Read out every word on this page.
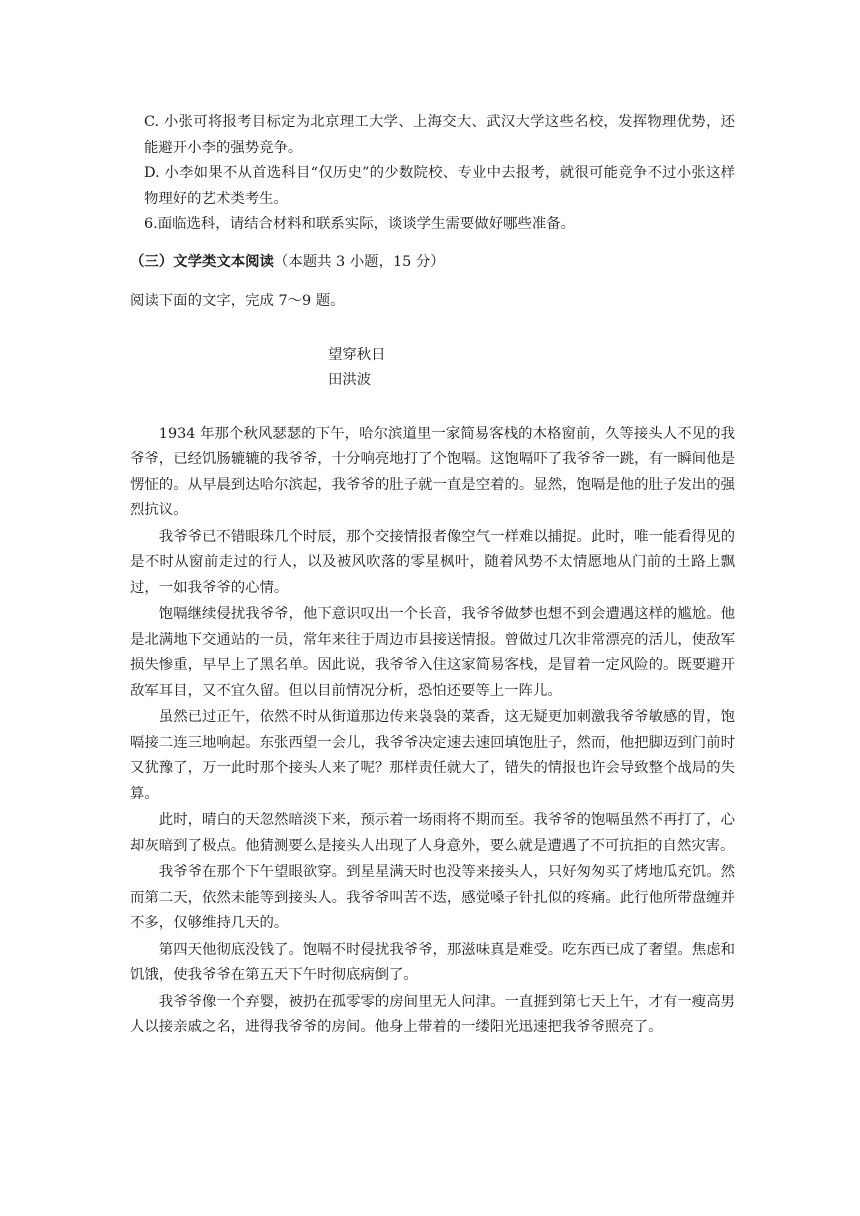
C. 小张可将报考目标定为北京理工大学、上海交大、武汉大学这些名校，发挥物理优势，还能避开小李的强势竞争。

D. 小李如果不从首选科目“仅历史”的少数院校、专业中去报考，就很可能竞争不过小张这样物理好的艺术类考生。

6.面临选科，请结合材料和联系实际，谈谈学生需要做好哪些准备。

（三）文学类文本阅读（本题共 3 小题，15 分）

阅读下面的文字，完成 7～9 题。

望穿秋日
田洪波

1934 年那个秋风瑟瑟的下午，哈尔滨道里一家简易客栈的木格窗前，久等接头人不见的我爷爷，已经饥肠辘辘的我爷爷，十分响亮地打了个饱嗝。这饱嗝吓了我爷爷一跳，有一瞬间他是愣怔的。从早晨到达哈尔滨起，我爷爷的肚子就一直是空着的。显然，饱嗝是他的肚子发出的强烈抗议。

我爷爷已不错眼珠几个时辰，那个交接情报者像空气一样难以捕捉。此时，唯一能看得见的是不时从窗前走过的行人，以及被风吹落的零星枫叶，随着风势不太情愿地从门前的土路上飘过，一如我爷爷的心情。

饱嗝继续侵扰我爷爷，他下意识叹出一个长音，我爷爷做梦也想不到会遭遇这样的尴尬。他是北满地下交通站的一员，常年来往于周边市县接送情报。曾做过几次非常漂亮的活儿，使敌军损失惨重，早早上了黑名单。因此说，我爷爷入住这家简易客栈，是冒着一定风险的。既要避开敌军耳目，又不宜久留。但以目前情况分析，恐怕还要等上一阵儿。

虽然已过正午，依然不时从街道那边传来袅袅的菜香，这无疑更加刺激我爷爷敏感的胃，饱嗝接二连三地响起。东张西望一会儿，我爷爷决定速去速回填饱肚子，然而，他把脚迈到门前时又犹豫了，万一此时那个接头人来了呢？那样责任就大了，错失的情报也许会导致整个战局的失算。

此时，晴白的天忽然暗淡下来，预示着一场雨将不期而至。我爷爷的饱嗝虽然不再打了，心却灰暗到了极点。他猜测要么是接头人出现了人身意外，要么就是遭遇了不可抗拒的自然灾害。

我爷爷在那个下午望眼欲穿。到星星满天时也没等来接头人，只好匆匆买了烤地瓜充饥。然而第二天，依然未能等到接头人。我爷爷叫苦不迭，感觉嗓子针扎似的疼痛。此行他所带盘缠并不多，仅够维持几天的。

第四天他彻底没钱了。饱嗝不时侵扰我爷爷，那滋味真是难受。吃东西已成了奢望。焦虑和饥饿，使我爷爷在第五天下午时彻底病倒了。

我爷爷像一个弃婴，被扔在孤零零的房间里无人问津。一直捱到第七天上午，才有一瘦高男人以接亲戚之名，进得我爷爷的房间。他身上带着的一缕阳光迅速把我爷爷照亮了。
